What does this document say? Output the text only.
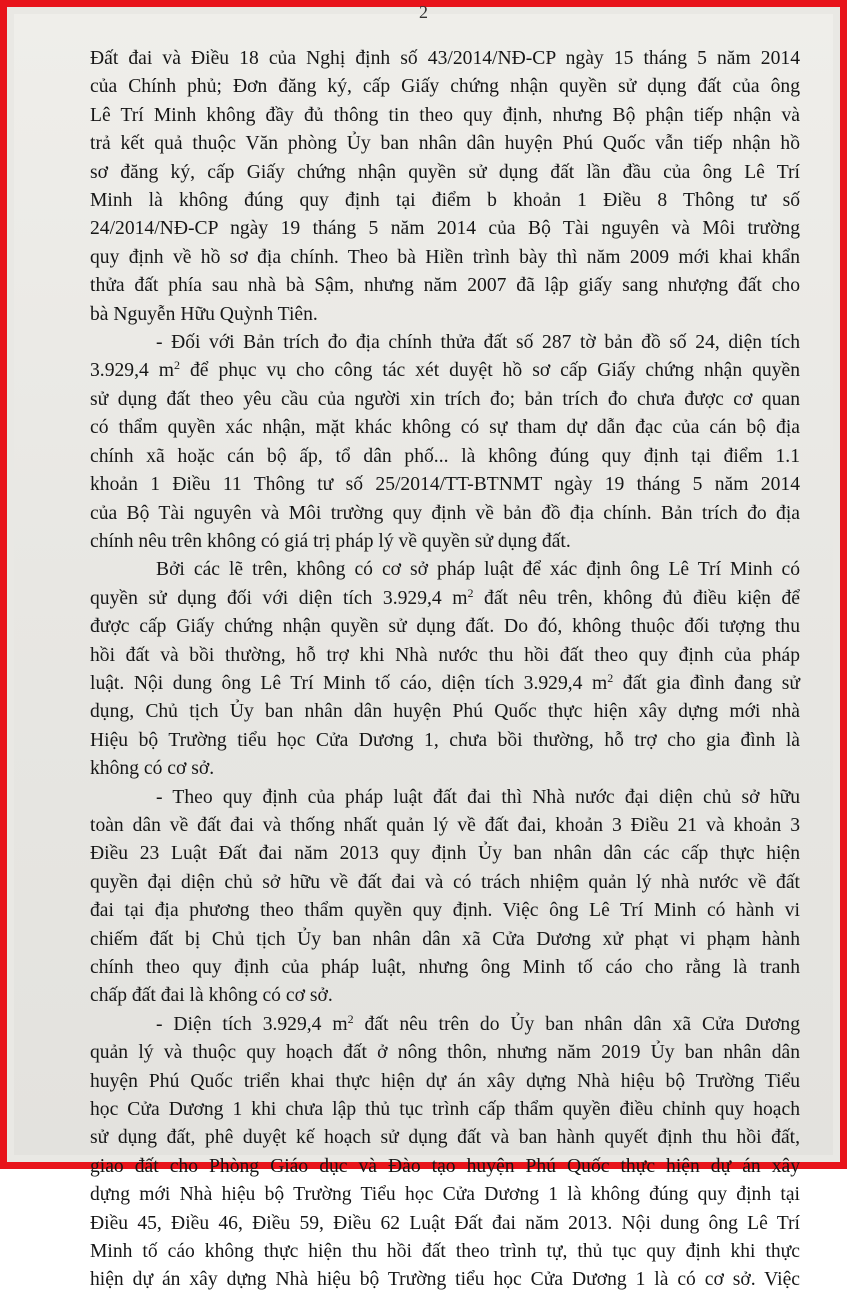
2
Đất đai và Điều 18 của Nghị định số 43/2014/NĐ-CP ngày 15 tháng 5 năm 2014
của Chính phủ; Đơn đăng ký, cấp Giấy chứng nhận quyền sử dụng đất của ông
Lê Trí Minh không đầy đủ thông tin theo quy định, nhưng Bộ phận tiếp nhận và
trả kết quả thuộc Văn phòng Ủy ban nhân dân huyện Phú Quốc vẫn tiếp nhận hồ
sơ đăng ký, cấp Giấy chứng nhận quyền sử dụng đất lần đầu của ông Lê Trí
Minh là không đúng quy định tại điểm b khoản 1 Điều 8 Thông tư số
24/2014/NĐ-CP ngày 19 tháng 5 năm 2014 của Bộ Tài nguyên và Môi trường
quy định về hồ sơ địa chính. Theo bà Hiền trình bày thì năm 2009 mới khai khẩn
thửa đất phía sau nhà bà Sậm, nhưng năm 2007 đã lập giấy sang nhượng đất cho
bà Nguyễn Hữu Quỳnh Tiên.
- Đối với Bản trích đo địa chính thửa đất số 287 tờ bản đồ số 24, diện tích
3.929,4 $m^2$ để phục vụ cho công tác xét duyệt hồ sơ cấp Giấy chứng nhận quyền
sử dụng đất theo yêu cầu của người xin trích đo; bản trích đo chưa được cơ quan
có thẩm quyền xác nhận, mặt khác không có sự tham dự dẫn đạc của cán bộ địa
chính xã hoặc cán bộ ấp, tổ dân phố... là không đúng quy định tại điểm 1.1
khoản 1 Điều 11 Thông tư số 25/2014/TT-BTNMT ngày 19 tháng 5 năm 2014
của Bộ Tài nguyên và Môi trường quy định về bản đồ địa chính. Bản trích đo địa
chính nêu trên không có giá trị pháp lý về quyền sử dụng đất.
Bởi các lẽ trên, không có cơ sở pháp luật để xác định ông Lê Trí Minh có
quyền sử dụng đối với diện tích 3.929,4 $m^2$ đất nêu trên, không đủ điều kiện để
được cấp Giấy chứng nhận quyền sử dụng đất. Do đó, không thuộc đối tượng thu
hồi đất và bồi thường, hỗ trợ khi Nhà nước thu hồi đất theo quy định của pháp
luật. Nội dung ông Lê Trí Minh tố cáo, diện tích 3.929,4 $m^2$ đất gia đình đang sử
dụng, Chủ tịch Ủy ban nhân dân huyện Phú Quốc thực hiện xây dựng mới nhà
Hiệu bộ Trường tiểu học Cửa Dương 1, chưa bồi thường, hỗ trợ cho gia đình là
không có cơ sở.
- Theo quy định của pháp luật đất đai thì Nhà nước đại diện chủ sở hữu
toàn dân về đất đai và thống nhất quản lý về đất đai, khoản 3 Điều 21 và khoản 3
Điều 23 Luật Đất đai năm 2013 quy định Ủy ban nhân dân các cấp thực hiện
quyền đại diện chủ sở hữu về đất đai và có trách nhiệm quản lý nhà nước về đất
đai tại địa phương theo thẩm quyền quy định. Việc ông Lê Trí Minh có hành vi
chiếm đất bị Chủ tịch Ủy ban nhân dân xã Cửa Dương xử phạt vi phạm hành
chính theo quy định của pháp luật, nhưng ông Minh tố cáo cho rằng là tranh
chấp đất đai là không có cơ sở.
- Diện tích 3.929,4 $m^2$ đất nêu trên do Ủy ban nhân dân xã Cửa Dương
quản lý và thuộc quy hoạch đất ở nông thôn, nhưng năm 2019 Ủy ban nhân dân
huyện Phú Quốc triển khai thực hiện dự án xây dựng Nhà hiệu bộ Trường Tiểu
học Cửa Dương 1 khi chưa lập thủ tục trình cấp thẩm quyền điều chỉnh quy hoạch
sử dụng đất, phê duyệt kế hoạch sử dụng đất và ban hành quyết định thu hồi đất,
giao đất cho Phòng Giáo dục và Đào tạo huyện Phú Quốc thực hiện dự án xây
dựng mới Nhà hiệu bộ Trường Tiểu học Cửa Dương 1 là không đúng quy định tại
Điều 45, Điều 46, Điều 59, Điều 62 Luật Đất đai năm 2013. Nội dung ông Lê Trí
Minh tố cáo không thực hiện thu hồi đất theo trình tự, thủ tục quy định khi thực
hiện dự án xây dựng Nhà hiệu bộ Trường tiểu học Cửa Dương 1 là có cơ sở. Việc
